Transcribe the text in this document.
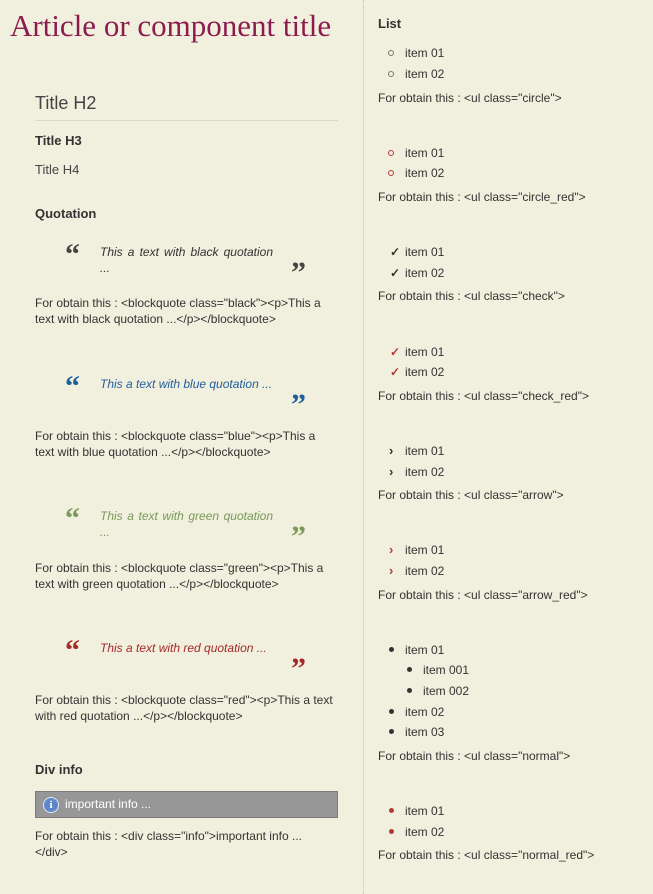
Article or component title
Title H2
Title H3
Title H4
Quotation
“ This a text with black quotation ...	”
For obtain this : <blockquote class="black"><p>This a text with black quotation ...</p></blockquote>
“ This a text with blue quotation ...
”
For obtain this : <blockquote class="blue"><p>This a text with blue quotation ...</p></blockquote>
“ This a text with green quotation ...	”
For obtain this : <blockquote class="green"><p>This a text with green quotation ...</p></blockquote>
“ This a text with red quotation ...
”
For obtain this : <blockquote class="red"><p>This a text with red quotation ...</p></blockquote>
Div info
i	important info ...
For obtain this : <div class="info">important info ...</div>
List
item 01
item 02
For obtain this : <ul class="circle">
item 01
item 02
For obtain this : <ul class="circle_red">
✓ item 01
✓ item 02
For obtain this : <ul class="check">
✓ item 01
✓ item 02
For obtain this : <ul class="check_red">
› item 01
› item 02
For obtain this : <ul class="arrow">
› item 01
› item 02
For obtain this : <ul class="arrow_red">
item 01
item 001
item 002
item 02
item 03
For obtain this : <ul class="normal">
item 01
item 02
For obtain this : <ul class="normal_red">
